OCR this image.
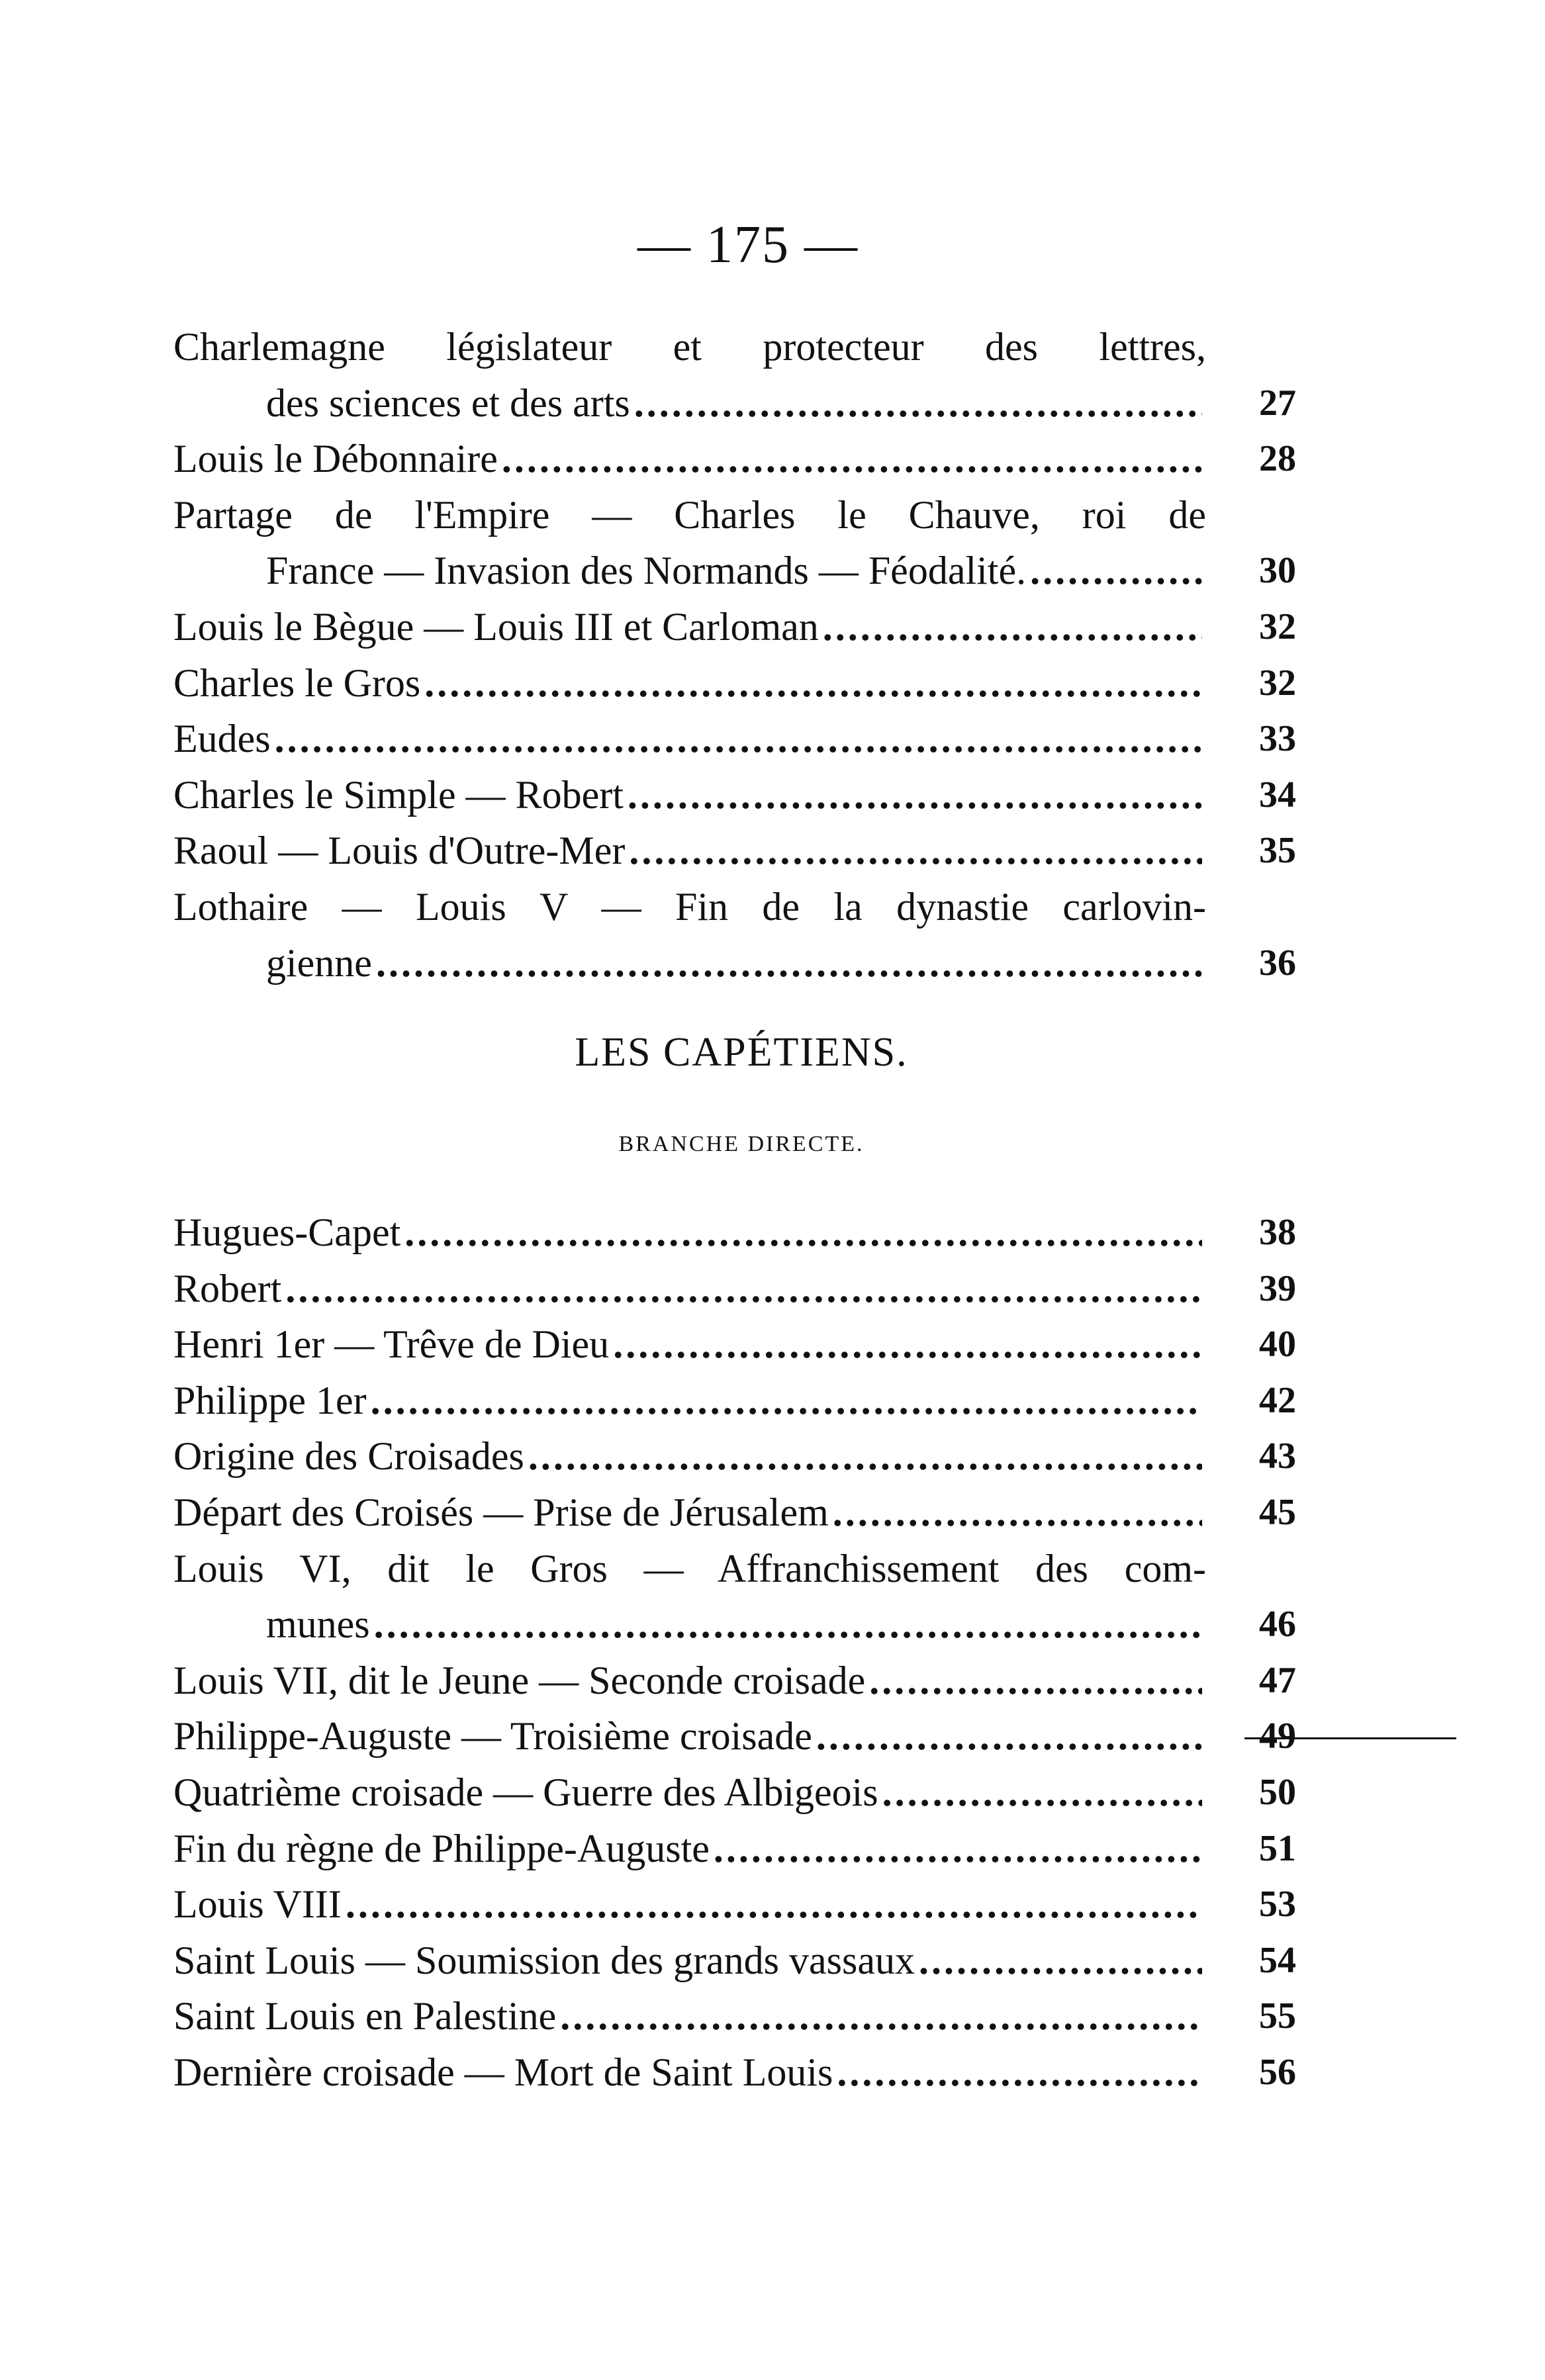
— 175 —
Charlemagne législateur et protecteur des lettres,
des sciences et des arts .....	27
Louis le Débonnaire .....	28
Partage de l'Empire — Charles le Chauve, roi de
France — Invasion des Normands — Féodalité. .....	30
Louis le Bègue — Louis III et Carloman .....	32
Charles le Gros .....	32
Eudes .....	33
Charles le Simple — Robert .....	34
Raoul — Louis d'Outre-Mer .....	35
Lothaire — Louis V — Fin de la dynastie carlovin-
gienne .....	36
LES CAPÉTIENS.
BRANCHE DIRECTE.
Hugues-Capet .....	38
Robert .....	39
Henri 1er — Trêve de Dieu .....	40
Philippe 1er .....	42
Origine des Croisades .....	43
Départ des Croisés — Prise de Jérusalem .....	45
Louis VI, dit le Gros — Affranchissement des com-
munes .....	46
Louis VII, dit le Jeune — Seconde croisade .....	47
Philippe-Auguste — Troisième croisade .....	49
Quatrième croisade — Guerre des Albigeois .....	50
Fin du règne de Philippe-Auguste .....	51
Louis VIII .....	53
Saint Louis — Soumission des grands vassaux .....	54
Saint Louis en Palestine .....	55
Dernière croisade — Mort de Saint Louis .....	56
